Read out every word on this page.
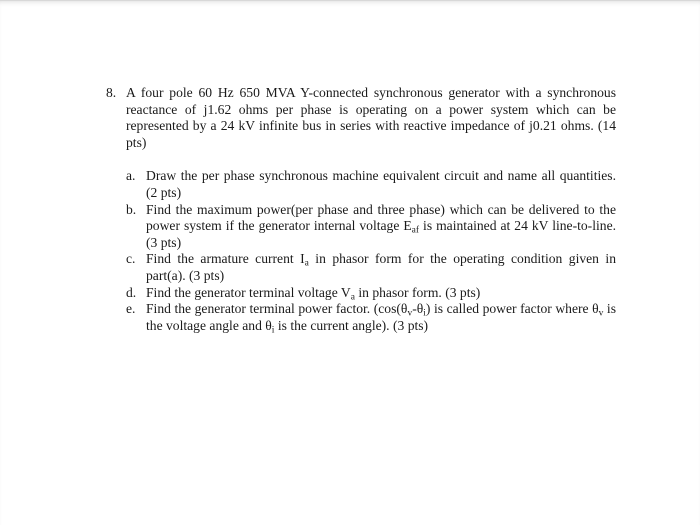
8. A four pole 60 Hz 650 MVA Y-connected synchronous generator with a synchronous reactance of j1.62 ohms per phase is operating on a power system which can be represented by a 24 kV infinite bus in series with reactive impedance of j0.21 ohms. (14 pts)
a. Draw the per phase synchronous machine equivalent circuit and name all quantities. (2 pts)
b. Find the maximum power(per phase and three phase) which can be delivered to the power system if the generator internal voltage $E_{af}$ is maintained at 24 kV line-to-line. (3 pts)
c. Find the armature current $I_a$ in phasor form for the operating condition given in part(a). (3 pts)
d. Find the generator terminal voltage $V_a$ in phasor form. (3 pts)
e. Find the generator terminal power factor. ($\cos(\theta_v-\theta_i)$ is called power factor where $\theta_v$ is the voltage angle and $\theta_i$ is the current angle). (3 pts)
